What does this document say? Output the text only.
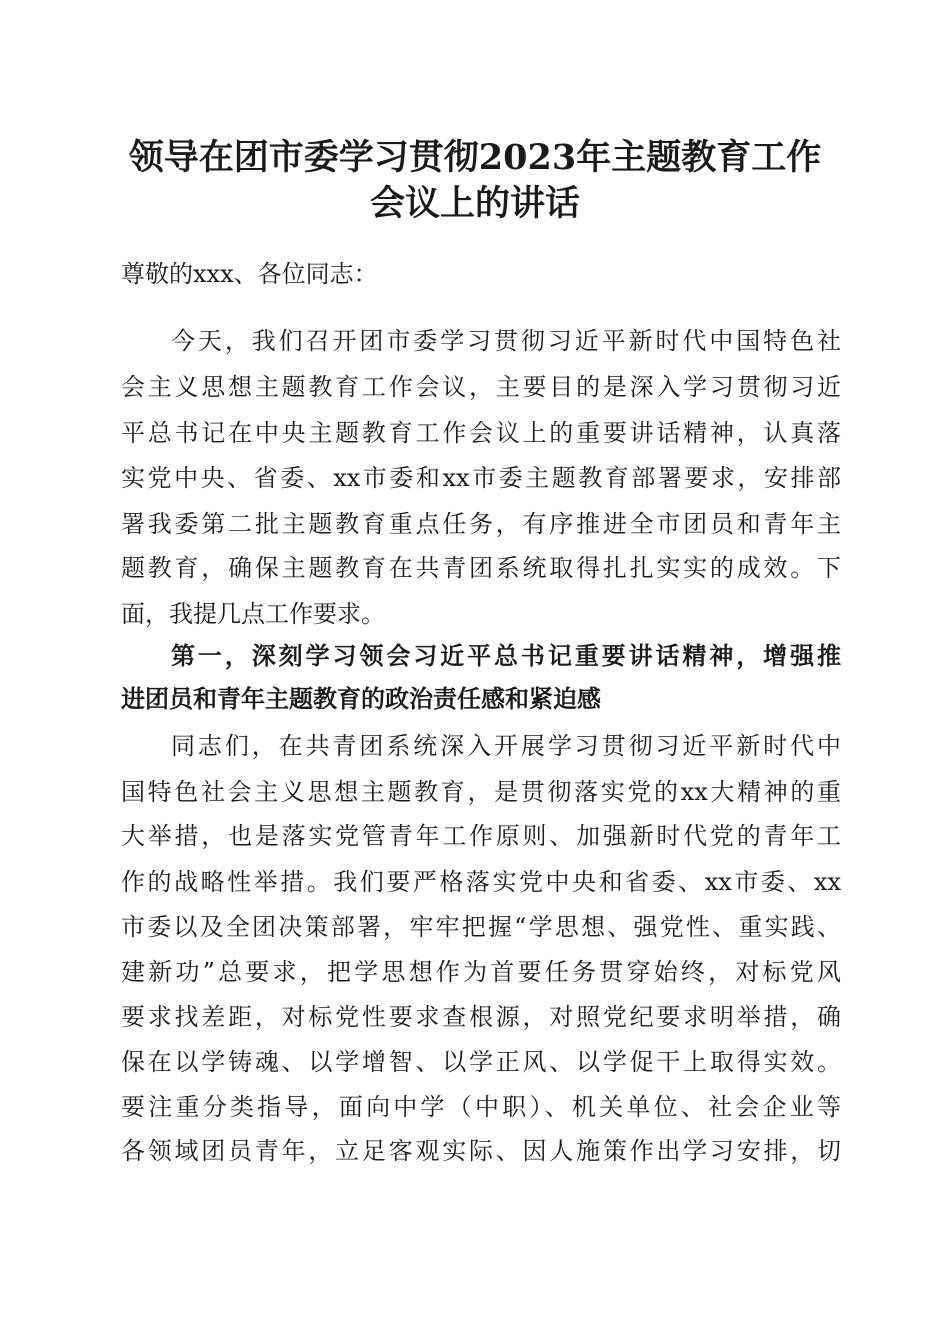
领导在团市委学习贯彻2023年主题教育工作
会议上的讲话
尊敬的xxx、各位同志：
今天，我们召开团市委学习贯彻习近平新时代中国特色社
会主义思想主题教育工作会议，主要目的是深入学习贯彻习近
平总书记在中央主题教育工作会议上的重要讲话精神，认真落
实党中央、省委、xx市委和xx市委主题教育部署要求，安排部
署我委第二批主题教育重点任务，有序推进全市团员和青年主
题教育，确保主题教育在共青团系统取得扎扎实实的成效。下
面，我提几点工作要求。
第一，深刻学习领会习近平总书记重要讲话精神，增强推
进团员和青年主题教育的政治责任感和紧迫感
同志们，在共青团系统深入开展学习贯彻习近平新时代中
国特色社会主义思想主题教育，是贯彻落实党的xx大精神的重
大举措，也是落实党管青年工作原则、加强新时代党的青年工
作的战略性举措。我们要严格落实党中央和省委、xx市委、xx
市委以及全团决策部署，牢牢把握“学思想、强党性、重实践、
建新功”总要求，把学思想作为首要任务贯穿始终，对标党风
要求找差距，对标党性要求查根源，对照党纪要求明举措，确
保在以学铸魂、以学增智、以学正风、以学促干上取得实效。
要注重分类指导，面向中学（中职）、机关单位、社会企业等
各领域团员青年，立足客观实际、因人施策作出学习安排，切
